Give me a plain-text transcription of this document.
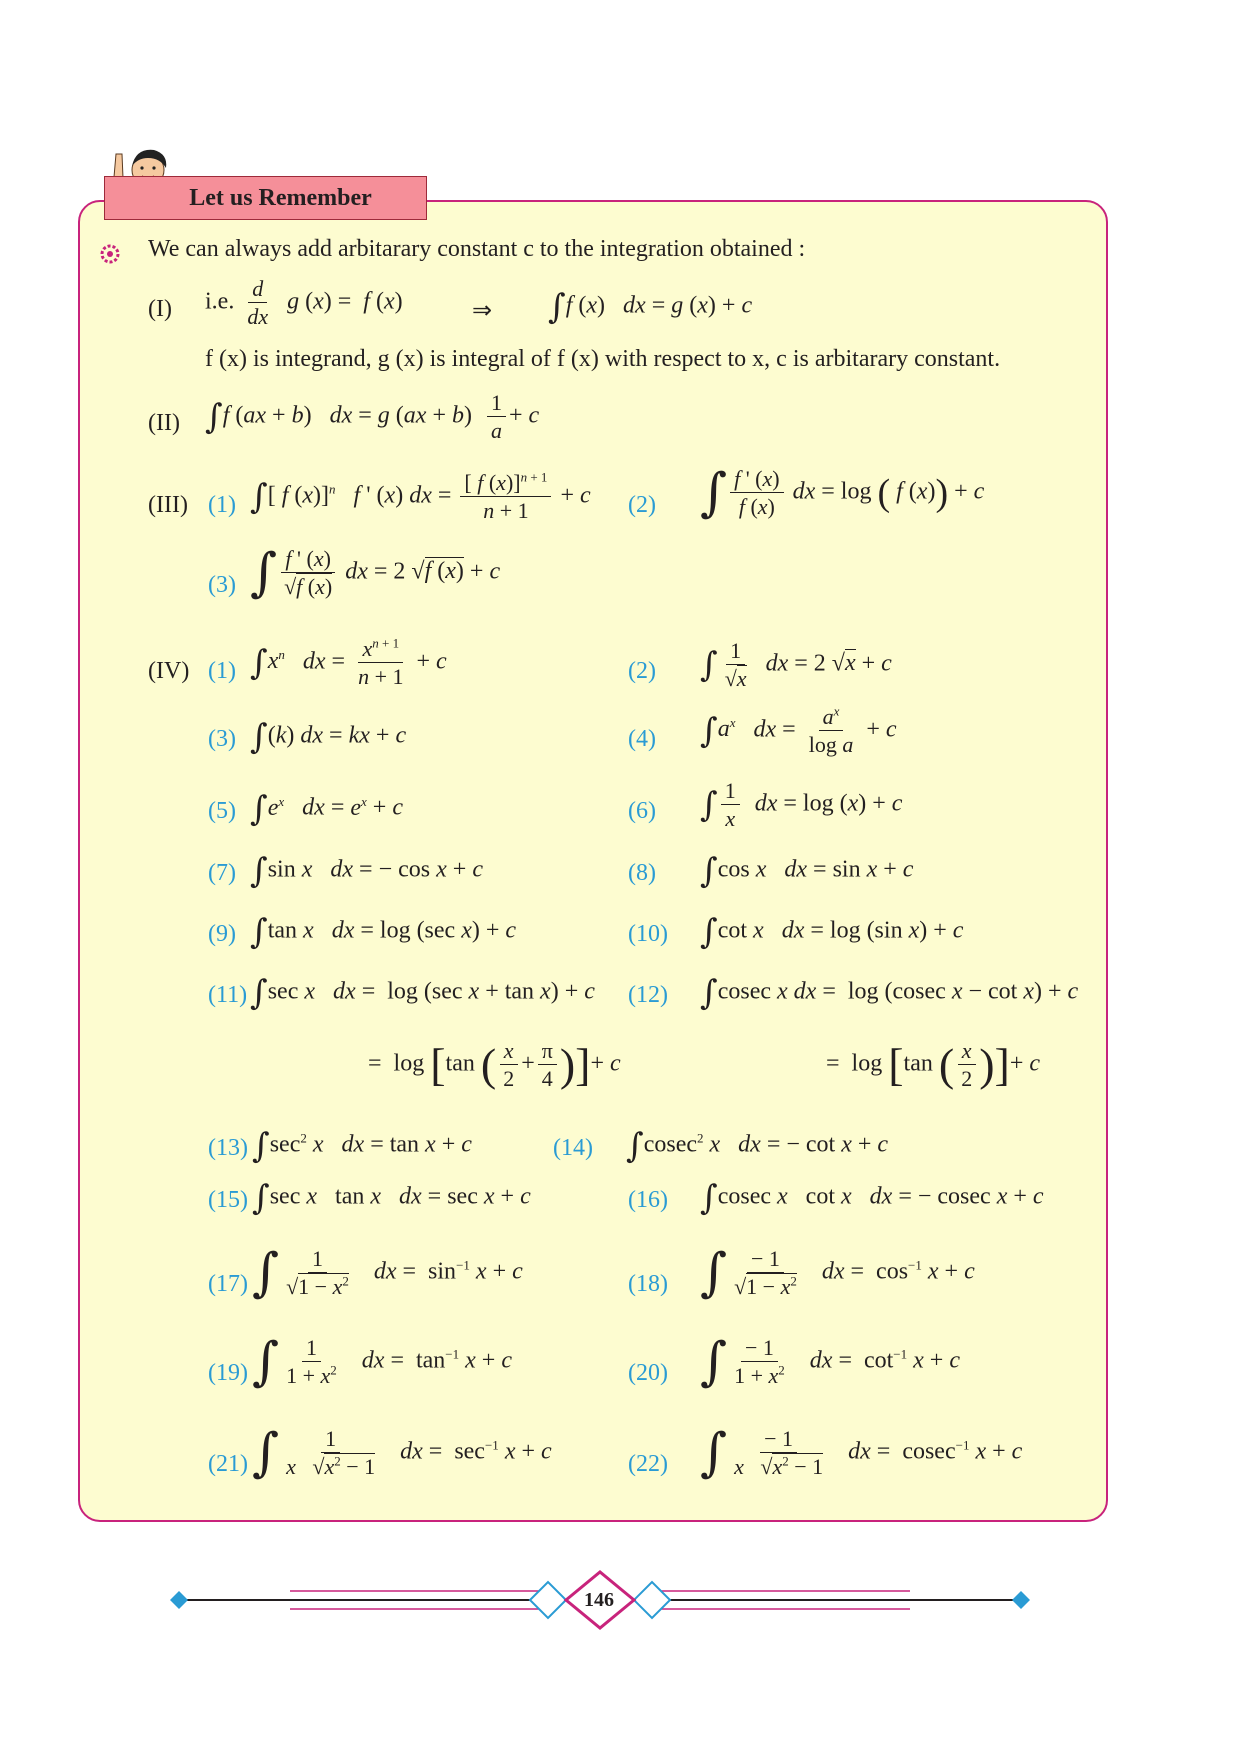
Let us Remember
We can always add arbitarary constant c to the integration obtained :
(I) i.e. $\frac{d}{dx}$ g (x) =  f (x)	⇒ ∫f (x)   dx = g (x) + c
f (x) is integrand, g (x) is integral of f (x) with respect to x, c is arbitarary constant.
(II) ∫f (ax + b)   dx = g $(ax + b) \frac{1}{a} + c$
(III) (1) ∫[ f (x)]$^n$ f ' (x) dx = $\frac{[ f (x)]^{n + 1}}{n + 1} + c$ (2) ∫ $\frac{f ' (x)}{f (x)}$ dx = log ( f (x)) + c
(3) ∫ $\frac{f ' (x)}{√f (x)}$ dx = 2 √f (x) + c
(IV) (1) $\int x^n$ dx = $\frac{x^{n + 1}}{n + 1} + c$	(2) ∫ $\frac{1}{√x}$ dx = 2 √x + c
(3) ∫(k) dx = kx + c	(4) $\int a^x$ dx = $\frac{a^x}{\text{log a}} + c$
(5) $\int e^x$ dx = $e^x + c$	(6) ∫ $\frac{1}{x}$ dx = log (x) + c
(7) ∫sin x dx = − cos x + c	(8) ∫cos x dx = sin x + c
(9) ∫tan x dx = log (sec x) + c	(10) ∫cot x dx = log (sin x) + c
(11) ∫sec x dx =  log (sec x + tan x) + c (12) ∫cosec x dx =  log (cosec x − cot x) + c
=  log [tan ( $\frac{x}{2} + \frac{\pi}{4}$ )]+ c	=  log [tan ( $\frac{x}{2}$ )]+ c
(13) $\int\sec^2$ x dx = tan x + c	(14) ∫cosec$^2$ x dx = − cot x + c
(15) ∫sec x   tan x dx = sec x + c	(16) ∫cosec x   cot x dx = − cosec x + c
(17) ∫ $\frac{1}{√1 - x^2}$ dx =  $\sin^{-1} x + c$	(18) ∫ $\frac{- 1}{√1 - x^2}$ dx =  $\cos^{-1} x + c$
(19) ∫ $\frac{1}{1 + x^2}$ dx =  $\tan^{-1} x + c$	(20) ∫ $\frac{- 1}{1 + x^2}$ dx =  $\cot^{-1} x + c$
(21) ∫ $\frac{1}{x √x^2 - 1}$ dx =  $\sec^{-1} x + c$	(22) ∫ $\frac{- 1}{x √x^2 - 1}$ dx =  cosec$^{-1}$ x + c
146
